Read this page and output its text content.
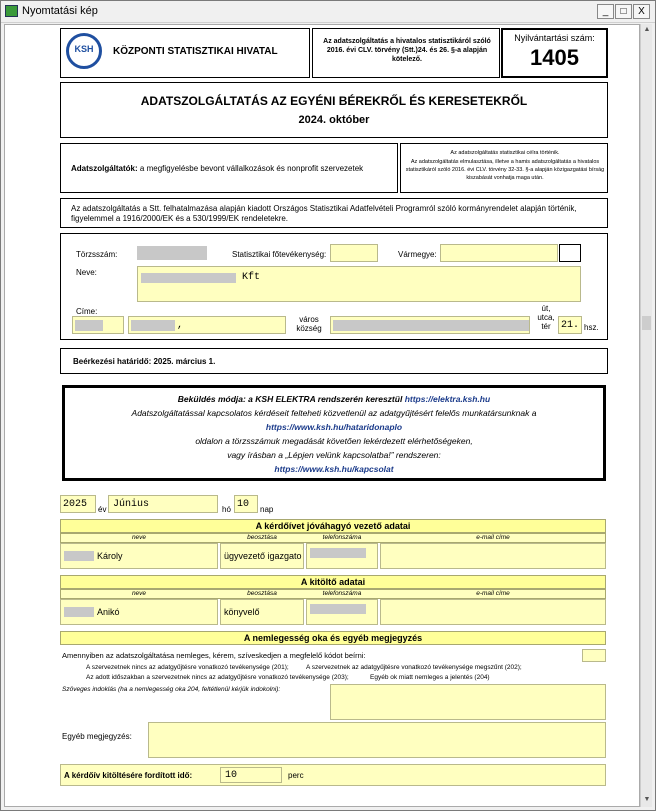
Nyomtatási kép	_	□	X
▲
▼
KSH KÖZPONTI STATISZTIKAI HIVATAL
Az adatszolgáltatás a hivatalos statisztikáról szóló 2016. évi CLV. törvény (Stt.)24. és 26. §-a alapján kötelező.
Nyilvántartási szám:
1405
ADATSZOLGÁLTATÁS AZ EGYÉNI BÉREKRŐL ÉS KERESETEKRŐL
2024. október
Adatszolgáltatók: a megfigyelésbe bevont vállalkozások és nonprofit szervezetek
Az adatszolgáltatás statisztikai célra történik.
Az adatszolgáltatás elmulasztása, illetve a hamis adatszolgáltatás a hivatalos statisztikáról szóló 2016. évi CLV. törvény 32-33. §-a alapján közigazgatási bírság kiszabását vonhatja maga után.
Az adatszolgáltatás a Stt. felhatalmazása alapján kiadott Országos Statisztikai Adatfelvételi Programról szóló kormányrendelet alapján történik, figyelemmel a 1916/2000/EK és a 530/1999/EK rendeletekre.
Törzsszám:	Statisztikai főtevékenység:	Vármegye:
Neve:	Kft
Címe:
,
város község
út, utca, tér	21. hsz.
Beérkezési határidő: 2025. március 1.
Beküldés módja: a KSH ELEKTRA rendszerén keresztül https://elektra.ksh.hu
Adatszolgáltatással kapcsolatos kérdéseit felteheti közvetlenül az adatgyűjtésért felelős munkatársunknak a
https://www.ksh.hu/hataridonaplo
oldalon a törzsszámuk megadását követően lekérdezett elérhetőségeken,
vagy írásban a „Lépjen velünk kapcsolatba!” rendszeren:
https://www.ksh.hu/kapcsolat
2025	év Június	hó 10	nap
A kérdőívet jóváhagyó vezető adatai
neve	beosztása	telefonszáma	e-mail címe
Károly	ügyvezető igazgato
A kitöltő adatai
neve	beosztása	telefonszáma	e-mail címe
Anikó	könyvelő
A nemlegesség oka és egyéb megjegyzés
Amennyiben az adatszolgáltatása nemleges, kérem, szíveskedjen a megfelelő kódot beírni:
A szervezetnek nincs az adatgyűjtésre vonatkozó tevékenysége (201);	A szervezetnek az adatgyűjtésre vonatkozó tevékenysége megszűnt (202);
Az adott időszakban a szervezetnek nincs az adatgyűjtésre vonatkozó tevékenysége (203);	Egyéb ok miatt nemleges a jelentés (204)
Szöveges indoklás (ha a nemlegesség oka 204, feltétlenül kérjük indokolni):
Egyéb megjegyzés:
A kérdőív kitöltésére fordított idő:	10	perc
